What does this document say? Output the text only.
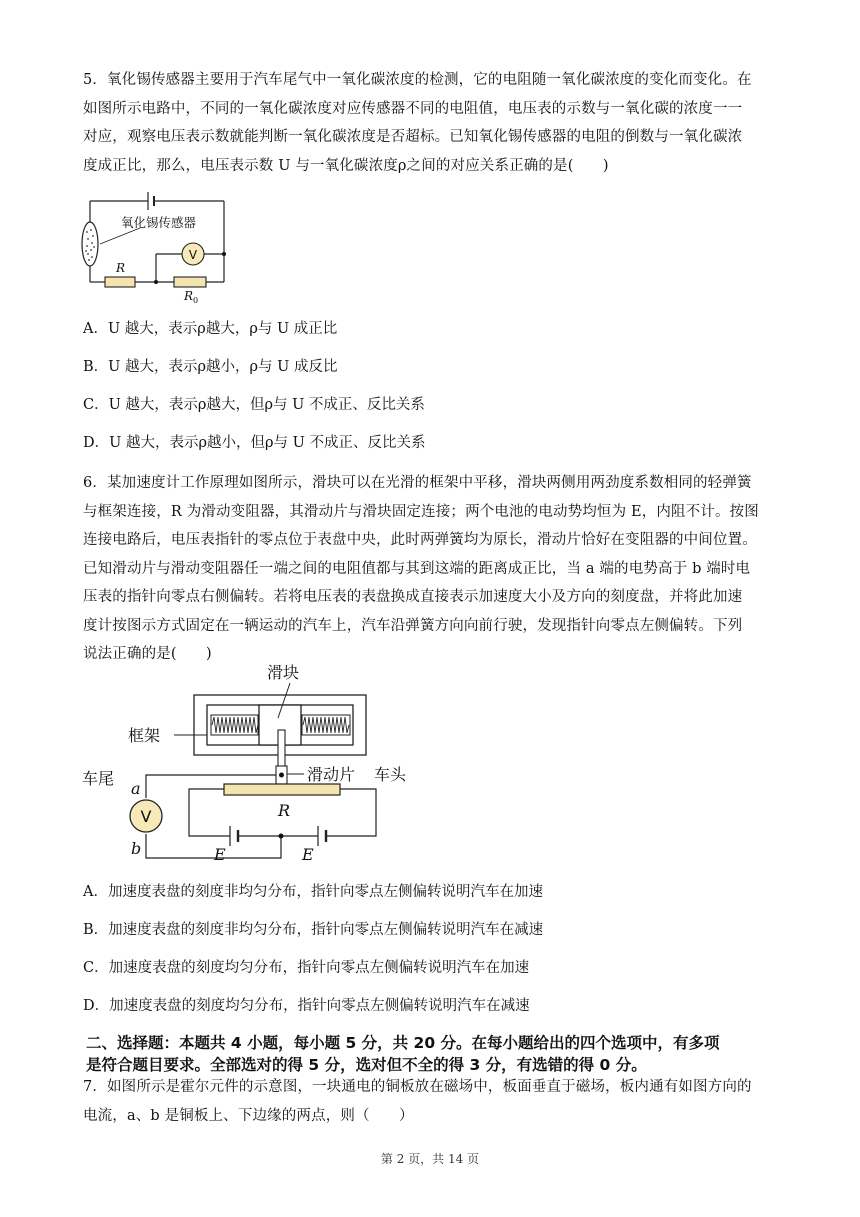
5．氧化锡传感器主要用于汽车尾气中一氧化碳浓度的检测，它的电阻随一氧化碳浓度的变化而变化。在
如图所示电路中，不同的一氧化碳浓度对应传感器不同的电阻值，电压表的示数与一氧化碳的浓度一一
对应，观察电压表示数就能判断一氧化碳浓度是否超标。已知氧化锡传感器的电阻的倒数与一氧化碳浓
度成正比，那么，电压表示数 U 与一氧化碳浓度ρ之间的对应关系正确的是(　　)
V
氧化锡传感器
R
$R_0$
A．U 越大，表示ρ越大，ρ与 U 成正比
B．U 越大，表示ρ越小，ρ与 U 成反比
C．U 越大，表示ρ越大，但ρ与 U 不成正、反比关系
D．U 越大，表示ρ越小，但ρ与 U 不成正、反比关系
6．某加速度计工作原理如图所示，滑块可以在光滑的框架中平移，滑块两侧用两劲度系数相同的轻弹簧
与框架连接，R 为滑动变阻器，其滑动片与滑块固定连接；两个电池的电动势均恒为 E，内阻不计。按图
连接电路后，电压表指针的零点位于表盘中央，此时两弹簧均为原长，滑动片恰好在变阻器的中间位置。
已知滑动片与滑动变阻器任一端之间的电阻值都与其到这端的距离成正比，当 a 端的电势高于 b 端时电
压表的指针向零点右侧偏转。若将电压表的表盘换成直接表示加速度大小及方向的刻度盘，并将此加速
度计按图示方式固定在一辆运动的汽车上，汽车沿弹簧方向向前行驶，发现指针向零点左侧偏转。下列
说法正确的是(　　)
V
滑块
框架
滑动片 车头
车尾
a
b
R
E	E
A．加速度表盘的刻度非均匀分布，指针向零点左侧偏转说明汽车在加速
B．加速度表盘的刻度非均匀分布，指针向零点左侧偏转说明汽车在减速
C．加速度表盘的刻度均匀分布，指针向零点左侧偏转说明汽车在加速
D．加速度表盘的刻度均匀分布，指针向零点左侧偏转说明汽车在减速
二、选择题：本题共 4 小题，每小题 5 分，共 20 分。在每小题给出的四个选项中，有多项
是符合题目要求。全部选对的得 5 分，选对但不全的得 3 分，有选错的得 0 分。
7．如图所示是霍尔元件的示意图，一块通电的铜板放在磁场中，板面垂直于磁场，板内通有如图方向的
电流，a、b 是铜板上、下边缘的两点，则（　　）
第 2 页，共 14 页
